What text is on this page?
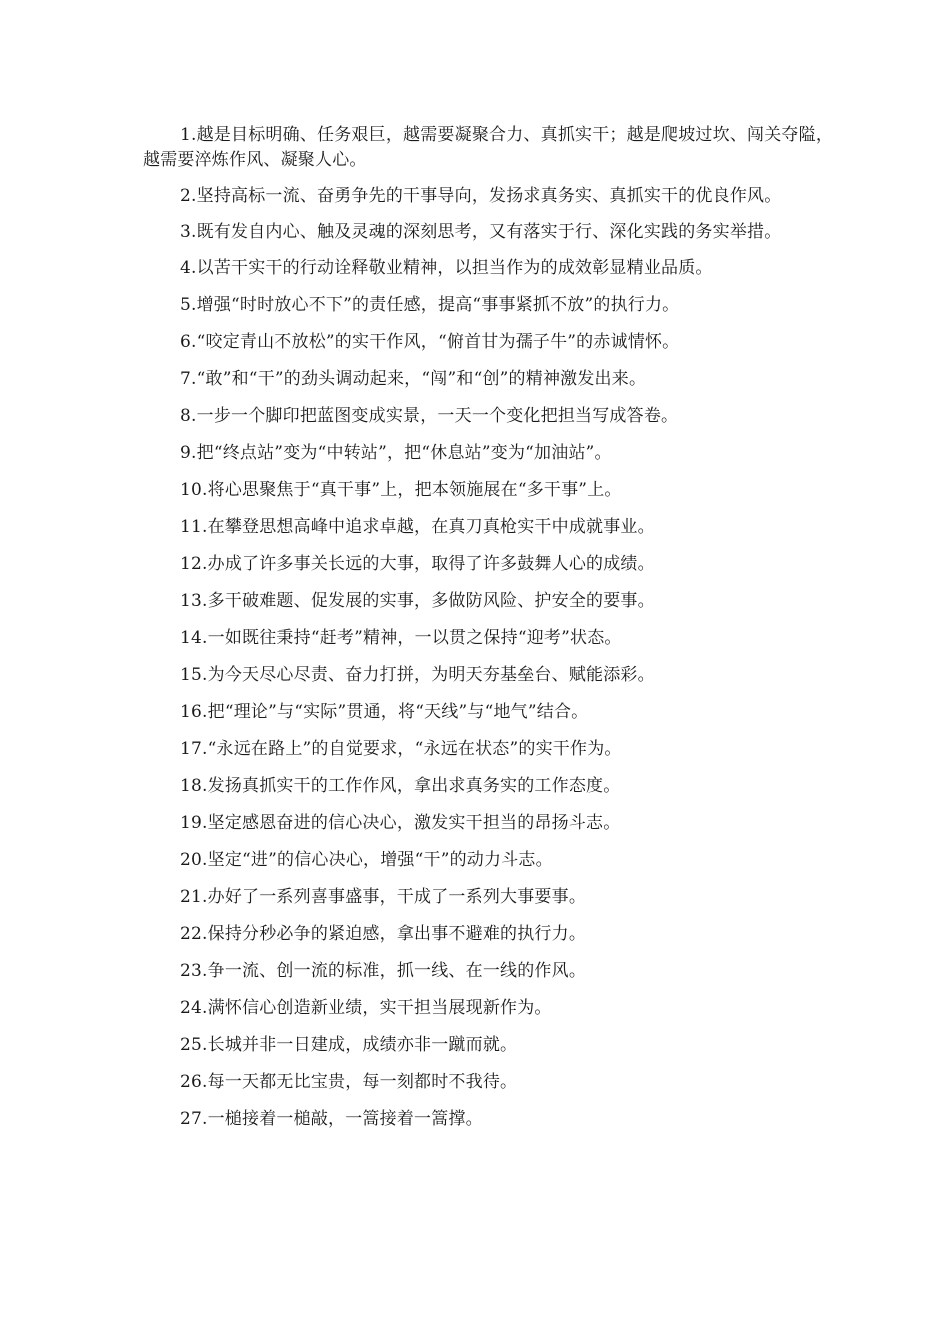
1.越是目标明确、任务艰巨，越需要凝聚合力、真抓实干；越是爬坡过坎、闯关夺隘，越需要淬炼作风、凝聚人心。

2.坚持高标一流、奋勇争先的干事导向，发扬求真务实、真抓实干的优良作风。

3.既有发自内心、触及灵魂的深刻思考，又有落实于行、深化实践的务实举措。

4.以苦干实干的行动诠释敬业精神，以担当作为的成效彰显精业品质。

5.增强“时时放心不下”的责任感，提高“事事紧抓不放”的执行力。

6.“咬定青山不放松”的实干作风，“俯首甘为孺子牛”的赤诚情怀。

7.“敢”和“干”的劲头调动起来，“闯”和“创”的精神激发出来。

8.一步一个脚印把蓝图变成实景，一天一个变化把担当写成答卷。

9.把“终点站”变为“中转站”，把“休息站”变为“加油站”。

10.将心思聚焦于“真干事”上，把本领施展在“多干事”上。

11.在攀登思想高峰中追求卓越，在真刀真枪实干中成就事业。

12.办成了许多事关长远的大事，取得了许多鼓舞人心的成绩。

13.多干破难题、促发展的实事，多做防风险、护安全的要事。

14.一如既往秉持“赶考”精神，一以贯之保持“迎考”状态。

15.为今天尽心尽责、奋力打拼，为明天夯基垒台、赋能添彩。

16.把“理论”与“实际”贯通，将“天线”与“地气”结合。

17.“永远在路上”的自觉要求，“永远在状态”的实干作为。

18.发扬真抓实干的工作作风，拿出求真务实的工作态度。

19.坚定感恩奋进的信心决心，激发实干担当的昂扬斗志。

20.坚定“进”的信心决心，增强“干”的动力斗志。

21.办好了一系列喜事盛事，干成了一系列大事要事。

22.保持分秒必争的紧迫感，拿出事不避难的执行力。

23.争一流、创一流的标准，抓一线、在一线的作风。

24.满怀信心创造新业绩，实干担当展现新作为。

25.长城并非一日建成，成绩亦非一蹴而就。

26.每一天都无比宝贵，每一刻都时不我待。

27.一槌接着一槌敲，一篙接着一篙撑。
